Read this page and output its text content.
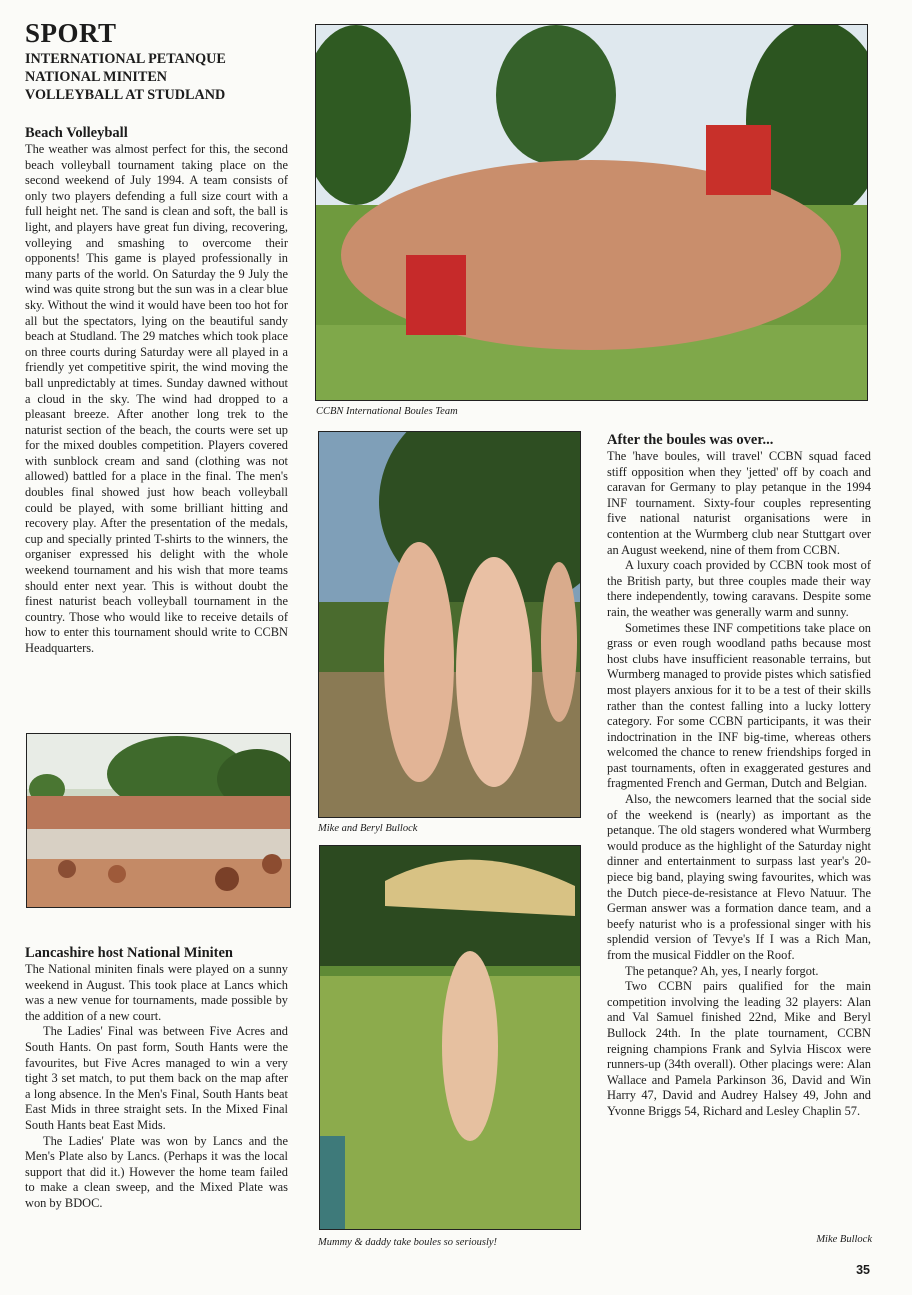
SPORT
INTERNATIONAL PETANQUE
NATIONAL MINITEN
VOLLEYBALL AT STUDLAND
Beach Volleyball

The weather was almost perfect for this, the second beach volleyball tournament taking place on the second weekend of July 1994. A team consists of only two players defending a full size court with a full height net. The sand is clean and soft, the ball is light, and players have great fun diving, recovering, volleying and smashing to overcome their opponents! This game is played professionally in many parts of the world. On Saturday the 9 July the wind was quite strong but the sun was in a clear blue sky. Without the wind it would have been too hot for all but the spectators, lying on the beautiful sandy beach at Studland. The 29 matches which took place on three courts during Saturday were all played in a friendly yet competitive spirit, the wind moving the ball unpredictably at times. Sunday dawned without a cloud in the sky. The wind had dropped to a pleasant breeze. After another long trek to the naturist section of the beach, the courts were set up for the mixed doubles competition. Players covered with sunblock cream and sand (clothing was not allowed) battled for a place in the final. The men's doubles final showed just how beach volleyball could be played, with some brilliant hitting and recovery play. After the presentation of the medals, cup and specially printed T-shirts to the winners, the organiser expressed his delight with the whole weekend tournament and his wish that more teams should enter next year. This is without doubt the finest naturist beach volleyball tournament in the country. Those who would like to receive details of how to enter this tournament should write to CCBN Headquarters.

Lancashire host National Miniten

The National miniten finals were played on a sunny weekend in August. This took place at Lancs which was a new venue for tournaments, made possible by the addition of a new court.

The Ladies' Final was between Five Acres and South Hants. On past form, South Hants were the favourites, but Five Acres managed to win a very tight 3 set match, to put them back on the map after a long absence. In the Men's Final, South Hants beat East Mids in three straight sets. In the Mixed Final South Hants beat East Mids.

The Ladies' Plate was won by Lancs and the Men's Plate also by Lancs. (Perhaps it was the local support that did it.) However the home team failed to make a clean sweep, and the Mixed Plate was won by BDOC.

CCBN International Boules Team
Mike and Beryl Bullock
Mummy & daddy take boules so seriously!
After the boules was over...

The 'have boules, will travel' CCBN squad faced stiff opposition when they 'jetted' off by coach and caravan for Germany to play petanque in the 1994 INF tournament. Sixty-four couples representing five national naturist organisations were in contention at the Wurmberg club near Stuttgart over an August weekend, nine of them from CCBN.

A luxury coach provided by CCBN took most of the British party, but three couples made their way there independently, towing caravans. Despite some rain, the weather was generally warm and sunny.

Sometimes these INF competitions take place on grass or even rough woodland paths because most host clubs have insufficient reasonable terrains, but Wurmberg managed to provide pistes which satisfied most players anxious for it to be a test of their skills rather than the contest falling into a lucky lottery category. For some CCBN participants, it was their indoctrination in the INF big-time, whereas others welcomed the chance to renew friendships forged in past tournaments, often in exaggerated gestures and fragmented French and German, Dutch and Belgian.

Also, the newcomers learned that the social side of the weekend is (nearly) as important as the petanque. The old stagers wondered what Wurmberg would produce as the highlight of the Saturday night dinner and entertainment to surpass last year's 20-piece big band, playing swing favourites, which was the Dutch piece-de-resistance at Flevo Natuur. The German answer was a formation dance team, and a beefy naturist who is a professional singer with his splendid version of Tevye's If I was a Rich Man, from the musical Fiddler on the Roof.

The petanque? Ah, yes, I nearly forgot.

Two CCBN pairs qualified for the main competition involving the leading 32 players: Alan and Val Samuel finished 22nd, Mike and Beryl Bullock 24th. In the plate tournament, CCBN reigning champions Frank and Sylvia Hiscox were runners-up (34th overall). Other placings were: Alan Wallace and Pamela Parkinson 36, David and Win Harry 47, David and Audrey Halsey 49, John and Yvonne Briggs 54, Richard and Lesley Chaplin 57.

Mike Bullock
35
